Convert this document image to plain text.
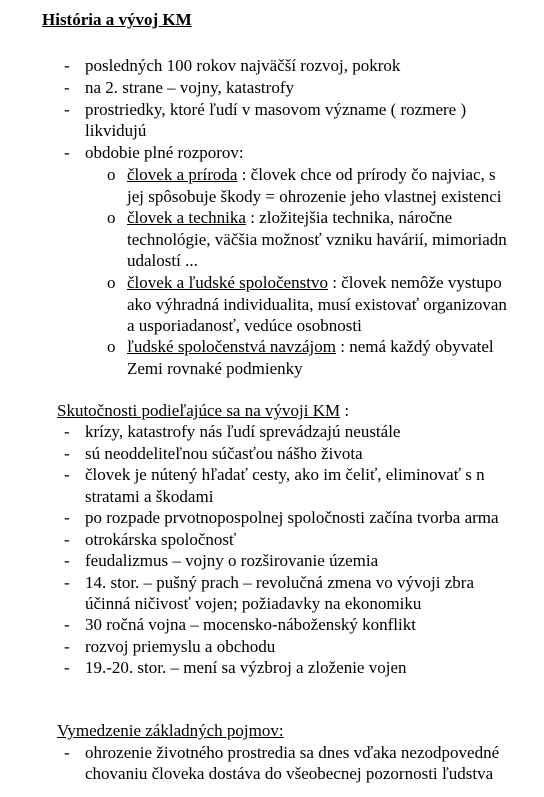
História a vývoj KM
- posledných 100 rokov najväčší rozvoj, pokrok
- na 2. strane – vojny, katastrofy
- prostriedky, ktoré ľudí v masovom význame ( rozmere )
likvidujú
- obdobie plné rozporov:
o človek a príroda : človek chce od prírody čo najviac, s
jej spôsobuje škody = ohrozenie jeho vlastnej existenci
o človek a technika : zložitejšia technika, náročne
technológie, väčšia možnosť vzniku havárií, mimoriadn
udalostí ...
o človek a ľudské spoločenstvo : človek nemôže vystupo
ako výhradná individualita, musí existovať organizovan
a usporiadanosť, vedúce osobnosti
o ľudské spoločenstvá navzájom : nemá každý obyvatel
Zemi rovnaké podmienky
Skutočnosti podieľajúce sa na vývoji KM :
- krízy, katastrofy nás ľudí sprevádzajú neustále
- sú neoddeliteľnou súčasťou nášho života
- človek je nútený hľadať cesty, ako im čeliť, eliminovať s n
stratami a škodami
- po rozpade prvotnopospolnej spoločnosti začína tvorba arma
- otrokárska spoločnosť
- feudalizmus – vojny o rozširovanie územia
- 14. stor. – pušný prach – revolučná zmena vo vývoji zbra
účinná ničivosť vojen; požiadavky na ekonomiku
- 30 ročná vojna – mocensko-náboženský konflikt
- rozvoj priemyslu a obchodu
- 19.-20. stor. – mení sa výzbroj a zloženie vojen
Vymedzenie základných pojmov:
- ohrozenie životného prostredia sa dnes vďaka nezodpovedné
chovaniu človeka dostáva do všeobecnej pozornosti ľudstva
